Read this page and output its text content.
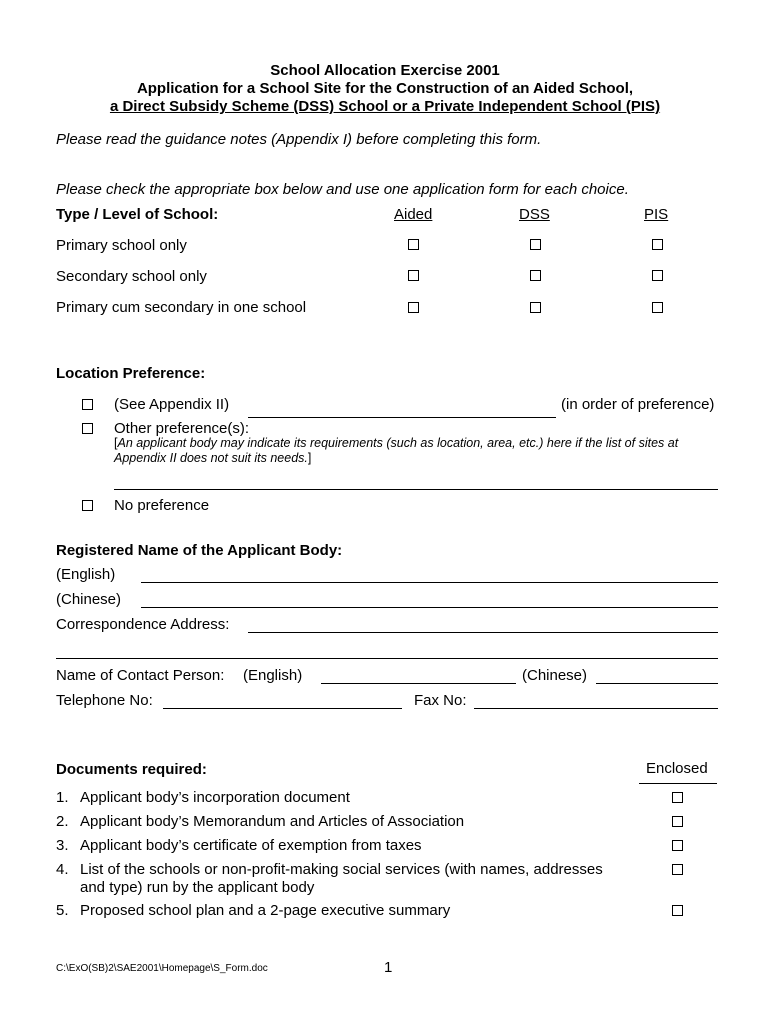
School Allocation Exercise 2001
Application for a School Site for the Construction of an Aided School,
a Direct Subsidy Scheme (DSS) School or a Private Independent School (PIS)
Please read the guidance notes (Appendix I) before completing this form.
Please check the appropriate box below and use one application form for each choice.
Type / Level of School:	Aided	DSS	PIS
Primary school only
Secondary school only
Primary cum secondary in one school
Location Preference:
(See Appendix II)	(in order of preference)
Other preference(s):
[An applicant body may indicate its requirements (such as location, area, etc.) here if the list of sites at Appendix II does not suit its needs.]
No preference
Registered Name of the Applicant Body:
(English)
(Chinese)
Correspondence Address:
Name of Contact Person: (English)	(Chinese)
Telephone No:	Fax No:
Documents required:	Enclosed
1. Applicant body’s incorporation document
2. Applicant body’s Memorandum and Articles of Association
3. Applicant body’s certificate of exemption from taxes
4. List of the schools or non-profit-making social services (with names, addresses
and type) run by the applicant body
5. Proposed school plan and a 2-page executive summary
C:\ExO(SB)2\SAE2001\Homepage\S_Form.doc	1
